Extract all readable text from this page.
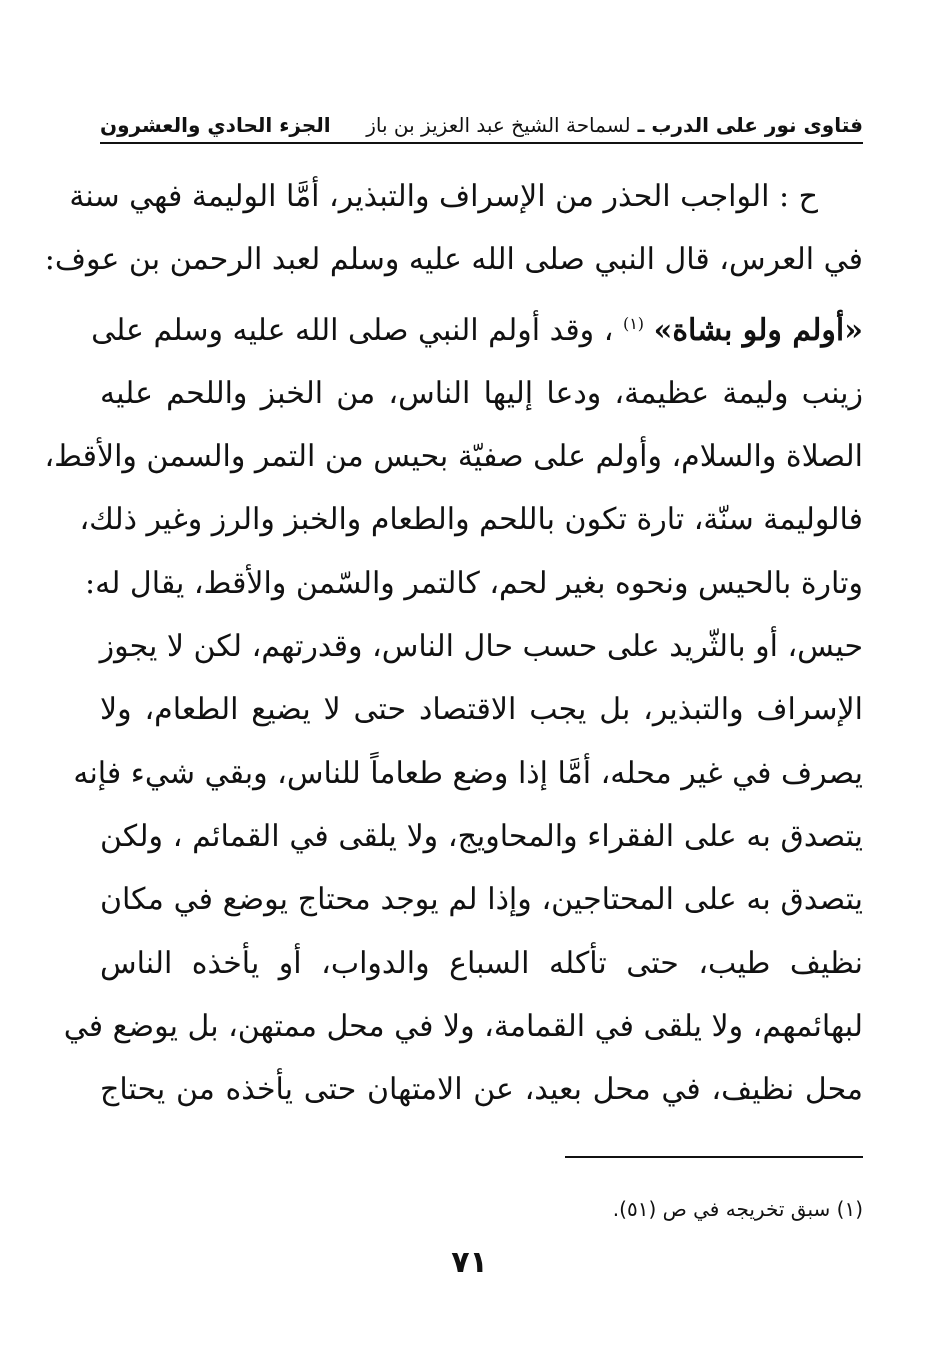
فتاوى نور على الدرب ـ لسماحة الشيخ عبد العزيز بن باز
الجزء الحادي والعشرون
ح : الواجب الحذر من الإسراف والتبذير، أمَّا الوليمة فهي سنة
في العرس، قال النبي صلى الله عليه وسلم لعبد الرحمن بن عوف:
«أولم ولو بشاة» $^{(١)}$ ، وقد أولم النبي صلى الله عليه وسلم على
زينب وليمة عظيمة، ودعا إليها الناس، من الخبز واللحم عليه
الصلاة والسلام، وأولم على صفيّة بحيس من التمر والسمن والأقط،
فالوليمة سنّة، تارة تكون باللحم والطعام والخبز والرز وغير ذلك،
وتارة بالحيس ونحوه بغير لحم، كالتمر والسّمن والأقط، يقال له:
حيس، أو بالثّريد على حسب حال الناس، وقدرتهم، لكن لا يجوز
الإسراف والتبذير، بل يجب الاقتصاد حتى لا يضيع الطعام، ولا
يصرف في غير محله، أمَّا إذا وضع طعاماً للناس، وبقي شيء فإنه
يتصدق به على الفقراء والمحاويج، ولا يلقى في القمائم ، ولكن
يتصدق به على المحتاجين، وإذا لم يوجد محتاج يوضع في مكان
نظيف طيب، حتى تأكله السباع والدواب، أو يأخذه الناس
لبهائمهم، ولا يلقى في القمامة، ولا في محل ممتهن، بل يوضع في
محل نظيف، في محل بعيد، عن الامتهان حتى يأخذه من يحتاج
(١) سبق تخريجه في ص (٥١).
٧١
